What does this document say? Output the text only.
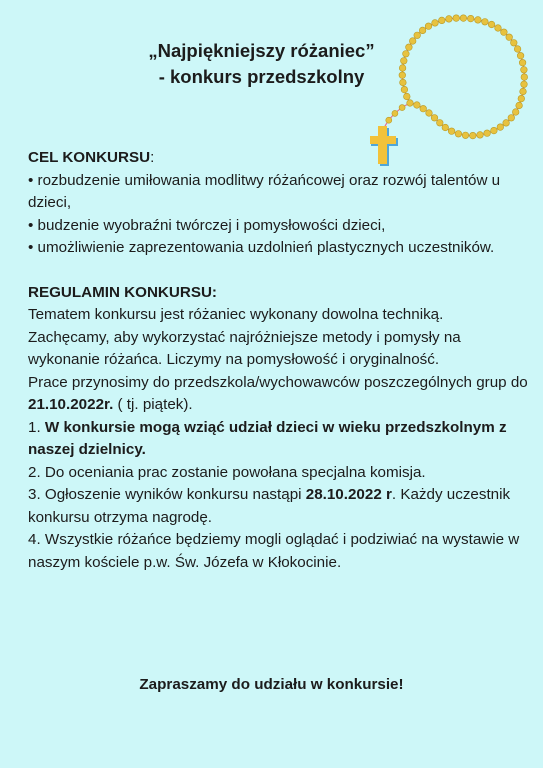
„Najpiękniejszy różaniec”
- konkurs przedszkolny

CEL KONKURSU:

• rozbudzenie umiłowania modlitwy różańcowej oraz rozwój talentów u dzieci,

• budzenie wyobraźni twórczej i pomysłowości dzieci,

• umożliwienie zaprezentowania uzdolnień plastycznych uczestników.

REGULAMIN KONKURSU:

Tematem konkursu jest różaniec wykonany dowolna techniką. Zachęcamy, aby wykorzystać najróżniejsze metody i pomysły na wykonanie różańca. Liczymy na pomysłowość i oryginalność.

Prace przynosimy do przedszkola/wychowawców poszczególnych grup do 21.10.2022r. ( tj. piątek).

1. W konkursie mogą wziąć udział dzieci w wieku przedszkolnym z naszej dzielnicy.

2. Do oceniania prac zostanie powołana specjalna komisja.

3. Ogłoszenie wyników konkursu nastąpi 28.10.2022 r. Każdy uczestnik konkursu otrzyma nagrodę.

4. Wszystkie różańce będziemy mogli oglądać i podziwiać na wystawie w naszym kościele p.w. Św. Józefa w Kłokocinie.

Zapraszamy do udziału w konkursie!
